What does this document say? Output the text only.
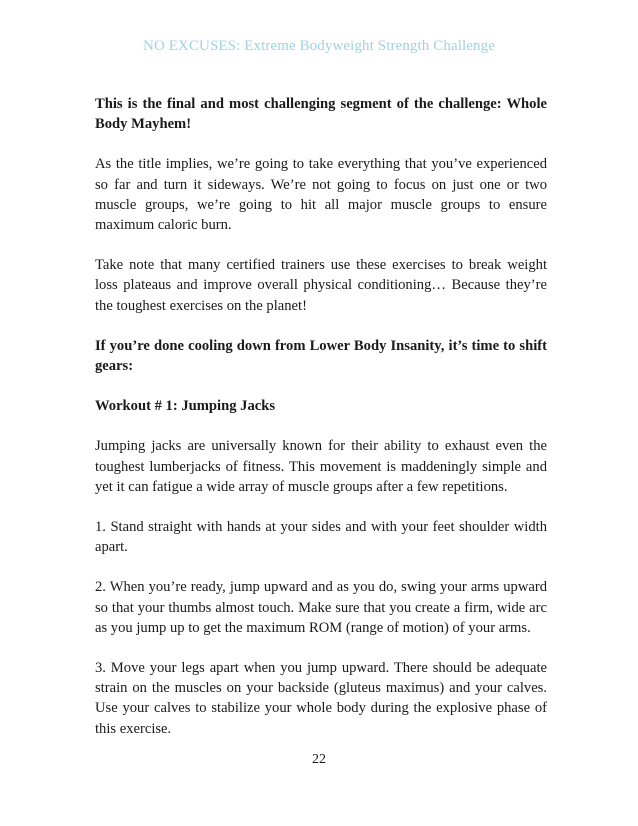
NO EXCUSES: Extreme Bodyweight Strength Challenge

This is the final and most challenging segment of the challenge: Whole Body Mayhem!

As the title implies, we’re going to take everything that you’ve experienced so far and turn it sideways. We’re not going to focus on just one or two muscle groups, we’re going to hit all major muscle groups to ensure maximum caloric burn.

Take note that many certified trainers use these exercises to break weight loss plateaus and improve overall physical conditioning… Because they’re the toughest exercises on the planet!

If you’re done cooling down from Lower Body Insanity, it’s time to shift gears:

Workout # 1: Jumping Jacks

Jumping jacks are universally known for their ability to exhaust even the toughest lumberjacks of fitness. This movement is maddeningly simple and yet it can fatigue a wide array of muscle groups after a few repetitions.

1. Stand straight with hands at your sides and with your feet shoulder width apart.

2. When you’re ready, jump upward and as you do, swing your arms upward so that your thumbs almost touch. Make sure that you create a firm, wide arc as you jump up to get the maximum ROM (range of motion) of your arms.

3. Move your legs apart when you jump upward. There should be adequate strain on the muscles on your backside (gluteus maximus) and your calves. Use your calves to stabilize your whole body during the explosive phase of this exercise.

22
